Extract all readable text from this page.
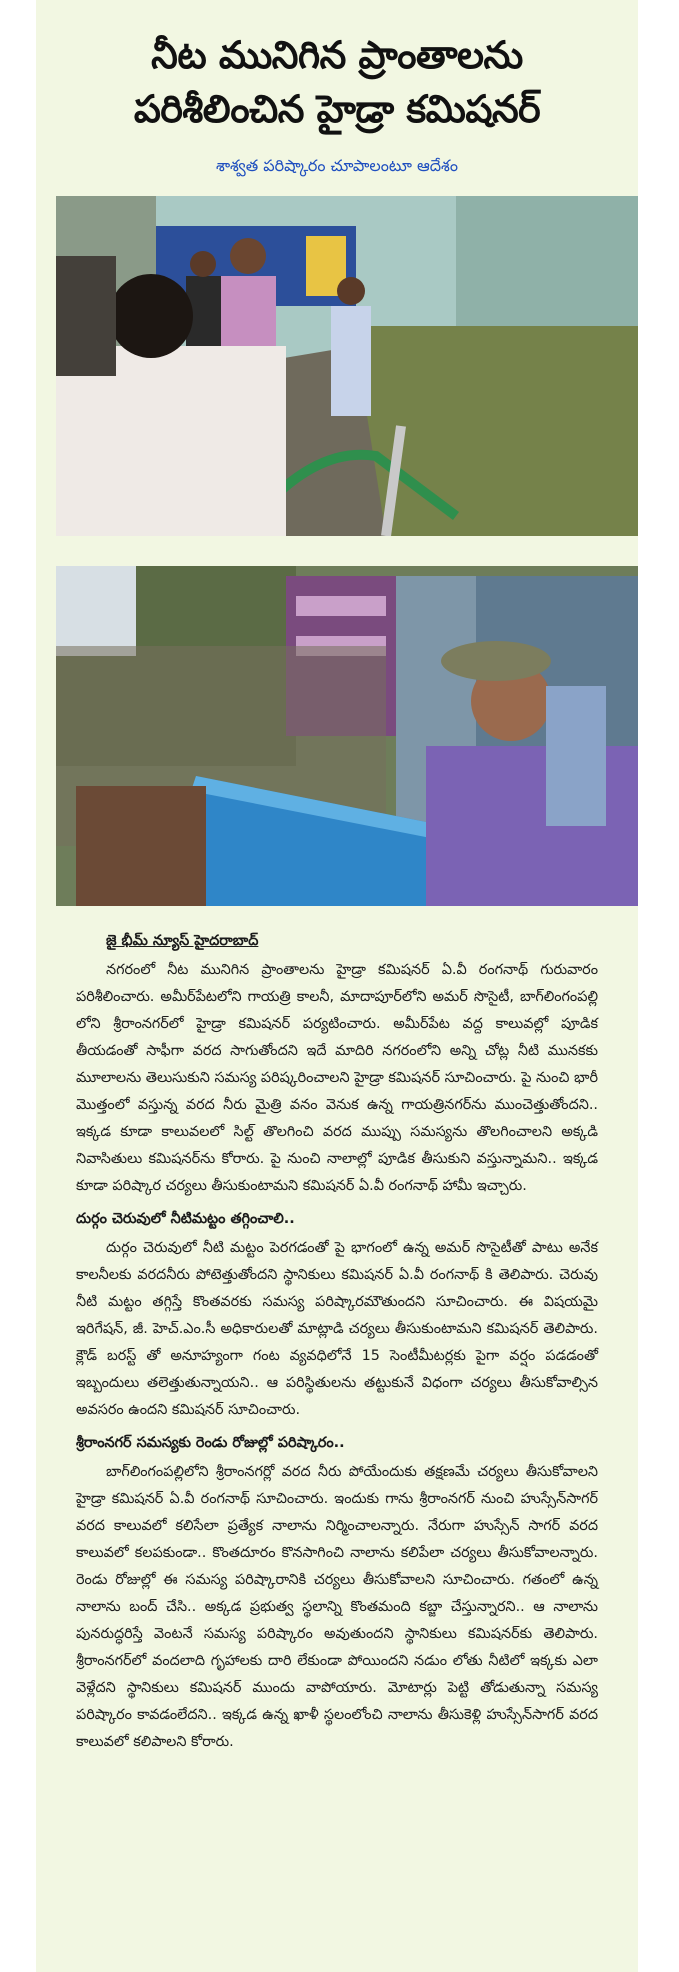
నీట మునిగిన ప్రాంతాలను
పరిశీలించిన హైడ్రా కమిషనర్
శాశ్వత పరిష్కారం చూపాలంటూ ఆదేశం
జై భీమ్ న్యూస్ హైదరాబాద్

నగరంలో నీట మునిగిన ప్రాంతాలను హైడ్రా కమిషనర్ ఏ.వీ రంగనాథ్ గురువారం పరిశీలించారు. అమీర్‌పేటలోని గాయత్రి కాలనీ, మాదాపూర్‌లోని అమర్ సొసైటీ, బాగ్‌లింగంపల్లి లోని శ్రీరాంనగర్‌లో హైడ్రా కమిషనర్ పర్యటించారు. అమీర్‌పేట వద్ద కాలువల్లో పూడిక తీయడంతో సాఫీగా వరద సాగుతోందని ఇదే మాదిరి నగరంలోని అన్ని చోట్ల నీటి మునకకు మూలాలను తెలుసుకుని సమస్య పరిష్కరించాలని హైడ్రా కమిషనర్ సూచించారు. పై నుంచి భారీ మొత్తంలో వస్తున్న వరద నీరు మైత్రి వనం వెనుక ఉన్న గాయత్రినగర్‌ను ముంచెత్తుతోందని.. ఇక్కడ కూడా కాలువలలో సిల్ట్ తొలగించి వరద ముప్పు సమస్యను తొలగించాలని అక్కడి నివాసితులు కమిషనర్‌ను కోరారు. పై నుంచి నాలాల్లో పూడిక తీసుకుని వస్తున్నామని.. ఇక్కడ కూడా పరిష్కార చర్యలు తీసుకుంటామని కమిషనర్ ఏ.వీ రంగనాథ్ హామీ ఇచ్చారు.

దుర్గం చెరువులో నీటిమట్టం తగ్గించాలి..

దుర్గం చెరువులో నీటి మట్టం పెరగడంతో పై భాగంలో ఉన్న అమర్ సొసైటీతో పాటు అనేక కాలనీలకు వరదనీరు పోటెత్తుతోందని స్థానికులు కమిషనర్ ఏ.వీ రంగనాథ్ కి తెలిపారు. చెరువు నీటి మట్టం తగ్గిస్తే కొంతవరకు సమస్య పరిష్కారమౌతుందని సూచించారు. ఈ విషయమై ఇరిగేషన్, జీ. హెచ్.ఎం.సీ అధికారులతో మాట్లాడి చర్యలు తీసుకుంటామని కమిషనర్ తెలిపారు. క్లౌడ్ బరస్ట్ తో అనూహ్యంగా గంట వ్యవధిలోనే 15 సెంటీమీటర్లకు పైగా వర్షం పడడంతో ఇబ్బందులు తలెత్తుతున్నాయని.. ఆ పరిస్థితులను తట్టుకునే విధంగా చర్యలు తీసుకోవాల్సిన అవసరం ఉందని కమిషనర్ సూచించారు.

శ్రీరాంనగర్ సమస్యకు రెండు రోజుల్లో పరిష్కారం..

బాగ్‌లింగంపల్లిలోని శ్రీరాంనగర్లో వరద నీరు పోయేందుకు తక్షణమే చర్యలు తీసుకోవాలని హైడ్రా కమిషనర్ ఏ.వీ రంగనాథ్ సూచించారు. ఇందుకు గాను శ్రీరాంనగర్ నుంచి హుస్సేన్‌సాగర్ వరద కాలువలో కలిసేలా ప్రత్యేక నాలాను నిర్మించాలన్నారు. నేరుగా హుస్సేన్ సాగర్ వరద కాలువలో కలపకుండా.. కొంతదూరం కొనసాగించి నాలాను కలిపేలా చర్యలు తీసుకోవాలన్నారు. రెండు రోజుల్లో ఈ సమస్య పరిష్కారానికి చర్యలు తీసుకోవాలని సూచించారు. గతంలో ఉన్న నాలాను బంద్ చేసి.. అక్కడ ప్రభుత్వ స్థలాన్ని కొంతమంది కబ్జా చేస్తున్నారని.. ఆ నాలాను పునరుద్ధరిస్తే వెంటనే సమస్య పరిష్కారం అవుతుందని స్థానికులు కమిషనర్‌కు తెలిపారు. శ్రీరాంనగర్‌లో వందలాది గృహాలకు దారి లేకుండా పోయిందని నడుం లోతు నీటిలో ఇక్కకు ఎలా వెళ్లేదని స్థానికులు కమిషనర్ ముందు వాపోయారు. మోటార్లు పెట్టి తోడుతున్నా సమస్య పరిష్కారం కావడంలేదని.. ఇక్కడ ఉన్న ఖాళీ స్థలంలోంచి నాలాను తీసుకెళ్లి హుస్సేన్‌సాగర్ వరద కాలువలో కలిపాలని కోరారు.
